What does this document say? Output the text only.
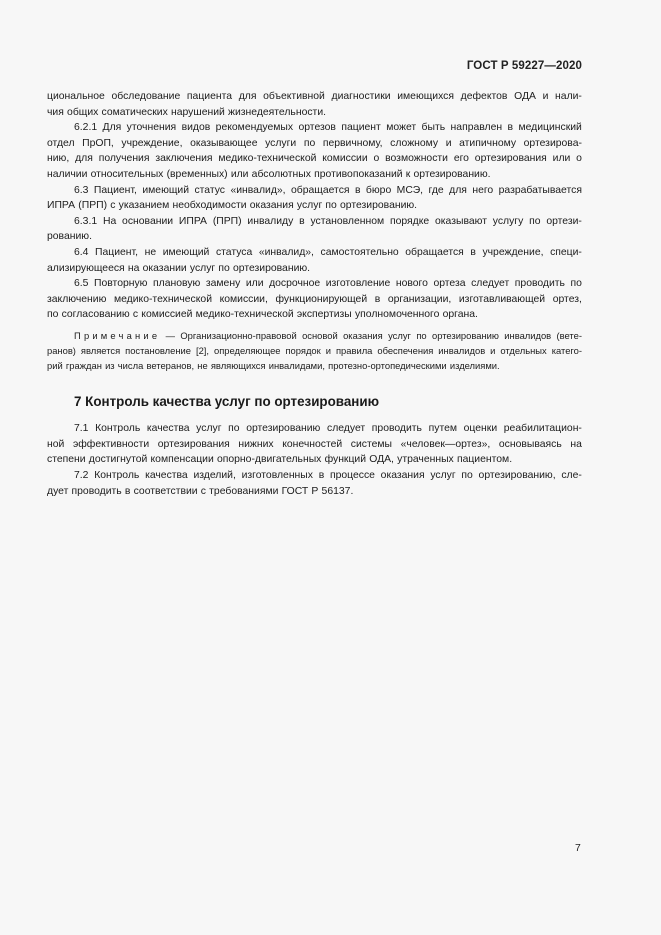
ГОСТ Р 59227—2020
циональное обследование пациента для объективной диагностики имеющихся дефектов ОДА и нали-
чия общих соматических нарушений жизнедеятельности.
6.2.1 Для уточнения видов рекомендуемых ортезов пациент может быть направлен в медицинский
отдел ПрОП, учреждение, оказывающее услуги по первичному, сложному и атипичному ортезирова-
нию, для получения заключения медико-технической комиссии о возможности его ортезирования или о
наличии относительных (временных) или абсолютных противопоказаний к ортезированию.
6.3 Пациент, имеющий статус «инвалид», обращается в бюро МСЭ, где для него разрабатывается
ИПРА (ПРП) с указанием необходимости оказания услуг по ортезированию.
6.3.1 На основании ИПРА (ПРП) инвалиду в установленном порядке оказывают услугу по ортези-
рованию.
6.4 Пациент, не имеющий статуса «инвалид», самостоятельно обращается в учреждение, специ-
ализирующееся на оказании услуг по ортезированию.
6.5 Повторную плановую замену или досрочное изготовление нового ортеза следует проводить по
заключению медико-технической комиссии, функционирующей в организации, изготавливающей ортез,
по согласованию с комиссией медико-технической экспертизы уполномоченного органа.
Примечание — Организационно-правовой основой оказания услуг по ортезированию инвалидов (вете-
ранов) является постановление [2], определяющее порядок и правила обеспечения инвалидов и отдельных катего-
рий граждан из числа ветеранов, не являющихся инвалидами, протезно-ортопедическими изделиями.
7 Контроль качества услуг по ортезированию
7.1 Контроль качества услуг по ортезированию следует проводить путем оценки реабилитацион-
ной эффективности ортезирования нижних конечностей системы «человек—ортез», основываясь на
степени достигнутой компенсации опорно-двигательных функций ОДА, утраченных пациентом.
7.2 Контроль качества изделий, изготовленных в процессе оказания услуг по ортезированию, сле-
дует проводить в соответствии с требованиями ГОСТ Р 56137.
7
